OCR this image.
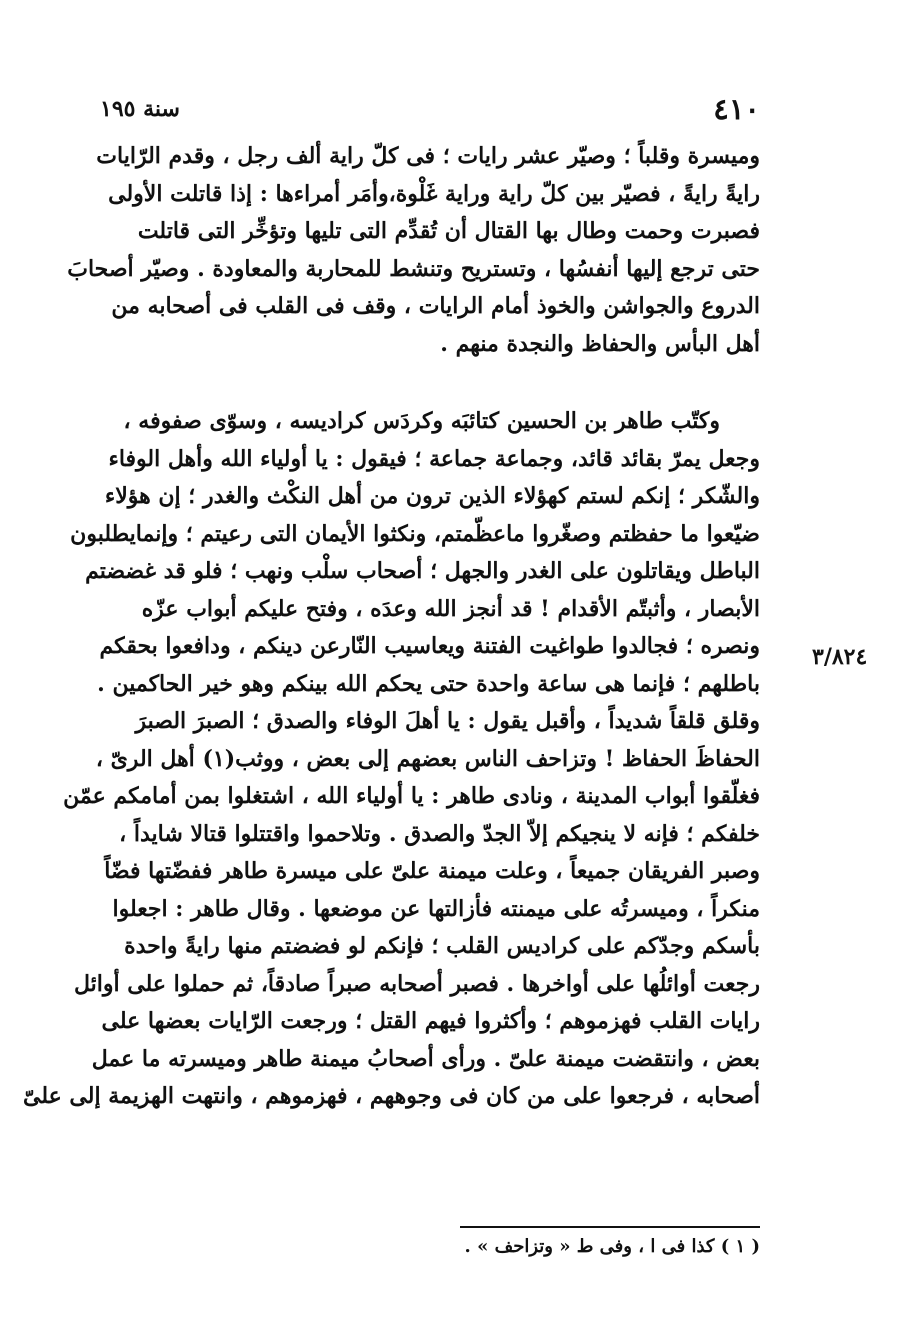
٤١٠
سنة ١٩٥
وميسرة وقلباً ؛ وصيّر عشر رايات ؛ فى كلّ راية ألف رجل ، وقدم الرّايات
رايةً رايةً ، فصيّر بين كلّ راية وراية غَلْوة،وأمَر أمراءها : إذا قاتلت الأولى
فصبرت وحمت وطال بها القتال أن تُقدِّم التى تليها وتؤخِّر التى قاتلت
حتى ترجع إليها أنفسُها ، وتستريح وتنشط للمحاربة والمعاودة . وصيّر أصحابَ
الدروع والجواشن والخوذ أمام الرايات ، وقف فى القلب فى أصحابه من
أهل البأس والحفاظ والنجدة منهم .
وكتّب طاهر بن الحسين كتائبَه وكردَس كراديسه ، وسوّى صفوفه ،
وجعل يمرّ بقائد قائد، وجماعة جماعة ؛ فيقول : يا أولياء الله وأهل الوفاء
والشّكر ؛ إنكم لستم كهؤلاء الذين ترون من أهل النكْث والغدر ؛ إن هؤلاء
ضيّعوا ما حفظتم وصغّروا ماعظّمتم، ونكثوا الأيمان التى رعيتم ؛ وإنمايطلبون
الباطل ويقاتلون على الغدر والجهل ؛ أصحاب سلْب ونهب ؛ فلو قد غضضتم
الأبصار ، وأثبتّم الأقدام ! قد أنجز الله وعدَه ، وفتح عليكم أبواب عزّه
ونصره ؛ فجالدوا طواغيت الفتنة ويعاسيب النّارعن دينكم ، ودافعوا بحقكم
باطلهم ؛ فإنما هى ساعة واحدة حتى يحكم الله بينكم وهو خير الحاكمين .
وقلق قلقاً شديداً ، وأقبل يقول : يا أهلَ الوفاء والصدق ؛ الصبرَ الصبرَ
الحفاظَ الحفاظ ! وتزاحف الناس بعضهم إلى بعض ، ووثب(١) أهل الرىّ ،
فغلّقوا أبواب المدينة ، ونادى طاهر : يا أولياء الله ، اشتغلوا بمن أمامكم عمّن
خلفكم ؛ فإنه لا ينجيكم إلاّ الجدّ والصدق . وتلاحموا واقتتلوا قتالا شايداً ،
وصبر الفريقان جميعاً ، وعلت ميمنة علىّ على ميسرة طاهر ففضّتها فضّاً
منكراً ، وميسرتُه على ميمنته فأزالتها عن موضعها . وقال طاهر : اجعلوا
بأسكم وجدّكم على كراديس القلب ؛ فإنكم لو فضضتم منها رايةً واحدة
رجعت أوائلُها على أواخرها . فصبر أصحابه صبراً صادقاً، ثم حملوا على أوائل
رايات القلب فهزموهم ؛ وأكثروا فيهم القتل ؛ ورجعت الرّايات بعضها على
بعض ، وانتقضت ميمنة علىّ . ورأى أصحابُ ميمنة طاهر وميسرته ما عمل
أصحابه ، فرجعوا على من كان فى وجوههم ، فهزموهم ، وانتهت الهزيمة إلى علىّ
٣/٨٢٤
( ١ ) كذا فى ا ، وفى ط « وتزاحف » .
